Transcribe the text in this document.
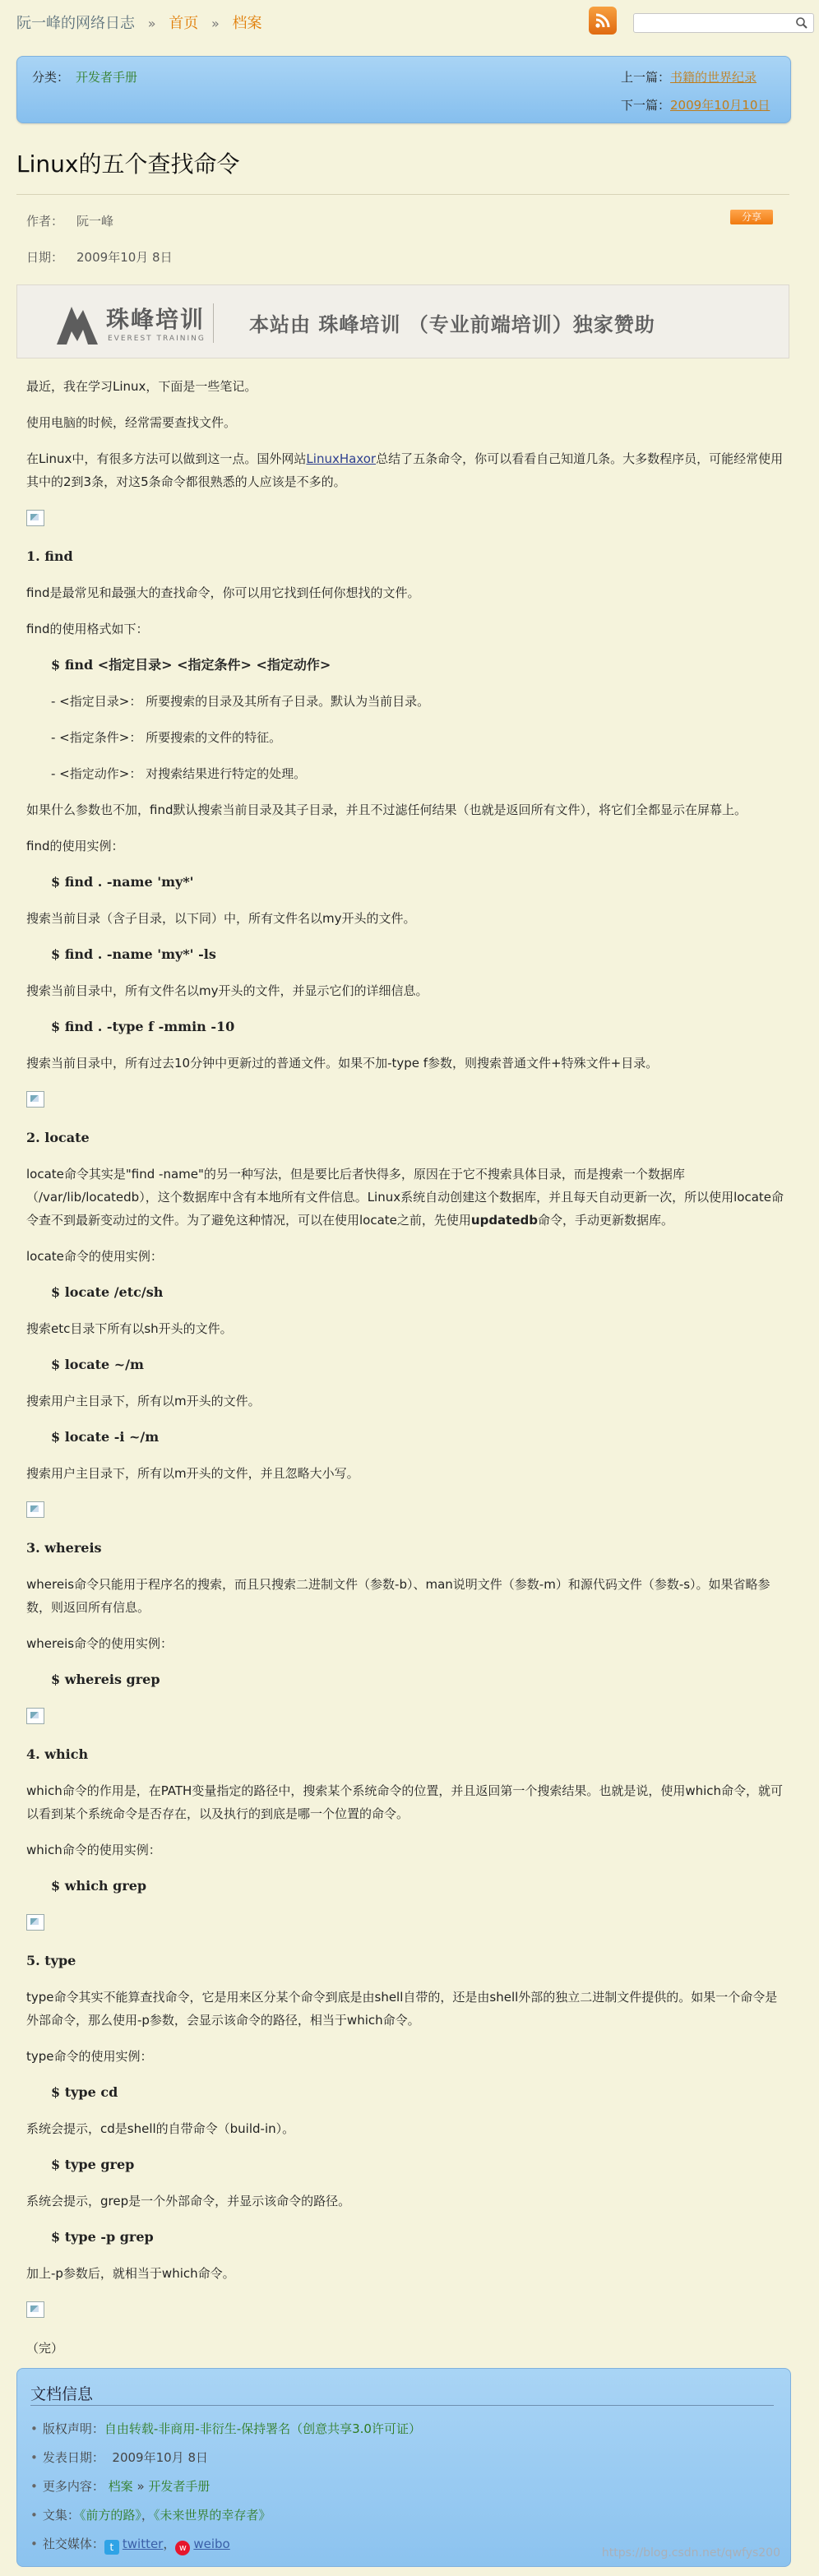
阮一峰的网络日志 » 首页 » 档案
分类： 开发者手册	上一篇：书籍的世界纪录
下一篇：2009年10月10日
Linux的五个查找命令
作者： 阮一峰	分享
日期： 2009年10月 8日
珠峰培训
EVEREST TRAINING
本站由 珠峰培训 （专业前端培训）独家赞助

最近，我在学习Linux，下面是一些笔记。

使用电脑的时候，经常需要查找文件。

在Linux中，有很多方法可以做到这一点。国外网站LinuxHaxor总结了五条命令，你可以看看自己知道几条。大多数程序员，可能经常使用其中的2到3条，对这5条命令都很熟悉的人应该是不多的。

1. find

find是最常见和最强大的查找命令，你可以用它找到任何你想找的文件。

find的使用格式如下：

$ find <指定目录> <指定条件> <指定动作>

- <指定目录>： 所要搜索的目录及其所有子目录。默认为当前目录。

- <指定条件>： 所要搜索的文件的特征。

- <指定动作>： 对搜索结果进行特定的处理。

如果什么参数也不加，find默认搜索当前目录及其子目录，并且不过滤任何结果（也就是返回所有文件），将它们全都显示在屏幕上。

find的使用实例：

$ find . -name 'my*'

搜索当前目录（含子目录，以下同）中，所有文件名以my开头的文件。

$ find . -name 'my*' -ls

搜索当前目录中，所有文件名以my开头的文件，并显示它们的详细信息。

$ find . -type f -mmin -10

搜索当前目录中，所有过去10分钟中更新过的普通文件。如果不加-type f参数，则搜索普通文件+特殊文件+目录。

2. locate

locate命令其实是"find -name"的另一种写法，但是要比后者快得多，原因在于它不搜索具体目录，而是搜索一个数据库（/var/lib/locatedb），这个数据库中含有本地所有文件信息。Linux系统自动创建这个数据库，并且每天自动更新一次，所以使用locate命令查不到最新变动过的文件。为了避免这种情况，可以在使用locate之前，先使用updatedb命令，手动更新数据库。

locate命令的使用实例：

$ locate /etc/sh

搜索etc目录下所有以sh开头的文件。

$ locate ~/m

搜索用户主目录下，所有以m开头的文件。

$ locate -i ~/m

搜索用户主目录下，所有以m开头的文件，并且忽略大小写。

3. whereis

whereis命令只能用于程序名的搜索，而且只搜索二进制文件（参数-b）、man说明文件（参数-m）和源代码文件（参数-s）。如果省略参数，则返回所有信息。

whereis命令的使用实例：

$ whereis grep

4. which

which命令的作用是，在PATH变量指定的路径中，搜索某个系统命令的位置，并且返回第一个搜索结果。也就是说，使用which命令，就可以看到某个系统命令是否存在，以及执行的到底是哪一个位置的命令。

which命令的使用实例：

$ which grep

5. type

type命令其实不能算查找命令，它是用来区分某个命令到底是由shell自带的，还是由shell外部的独立二进制文件提供的。如果一个命令是外部命令，那么使用-p参数，会显示该命令的路径，相当于which命令。

type命令的使用实例：

$ type cd

系统会提示，cd是shell的自带命令（build-in）。

$ type grep

系统会提示，grep是一个外部命令，并显示该命令的路径。

$ type -p grep

加上-p参数后，就相当于which命令。

（完）

文档信息
• 版权声明：自由转载-非商用-非衍生-保持署名（创意共享3.0许可证）
• 发表日期： 2009年10月 8日
• 更多内容： 档案 » 开发者手册
• 文集：《前方的路》，《未来世界的幸存者》
• 社交媒体： t twitter， w weibo
https://blog.csdn.net/qwfys200
